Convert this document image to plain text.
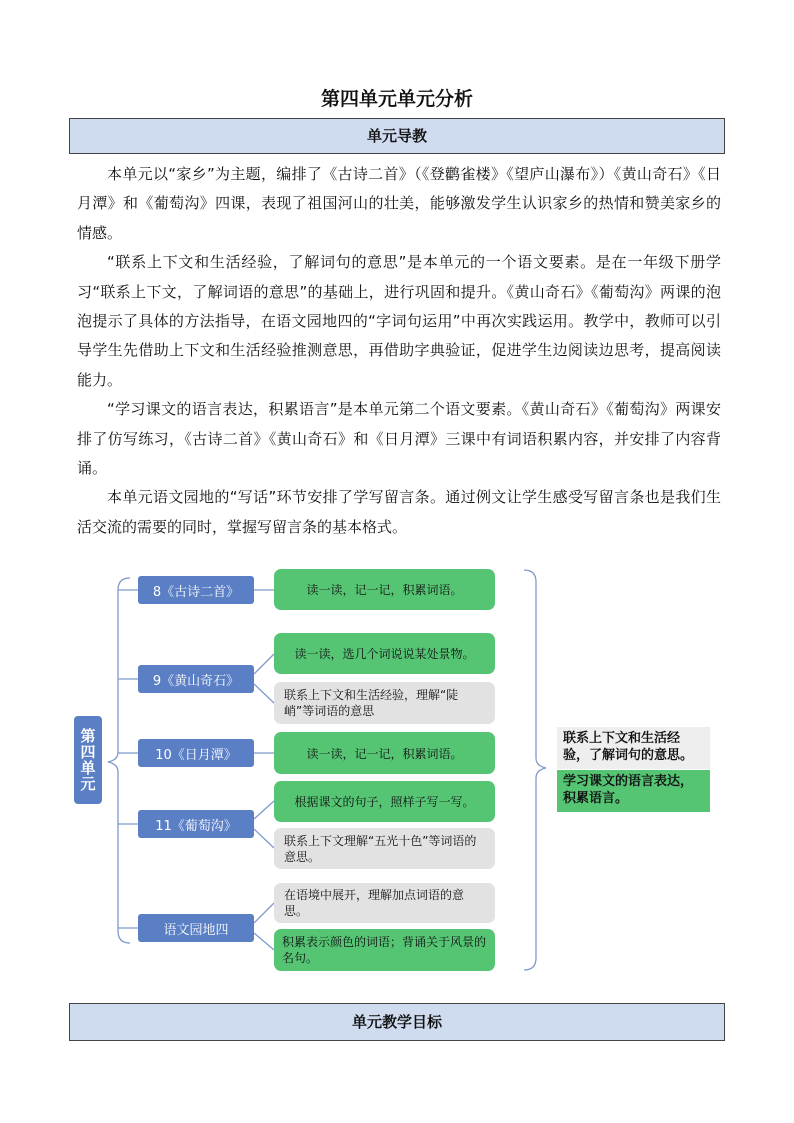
第四单元单元分析
单元导教

本单元以“家乡”为主题，编排了《古诗二首》（《登鹳雀楼》《望庐山瀑布》）《黄山奇石》《日月潭》和《葡萄沟》四课，表现了祖国河山的壮美，能够激发学生认识家乡的热情和赞美家乡的情感。

“联系上下文和生活经验，了解词句的意思”是本单元的一个语文要素。是在一年级下册学习“联系上下文，了解词语的意思”的基础上，进行巩固和提升。《黄山奇石》《葡萄沟》两课的泡泡提示了具体的方法指导，在语文园地四的“字词句运用”中再次实践运用。教学中，教师可以引导学生先借助上下文和生活经验推测意思，再借助字典验证，促进学生边阅读边思考，提高阅读能力。

“学习课文的语言表达，积累语言”是本单元第二个语文要素。《黄山奇石》《葡萄沟》两课安排了仿写练习，《古诗二首》《黄山奇石》和《日月潭》三课中有词语积累内容，并安排了内容背诵。

本单元语文园地的“写话”环节安排了学写留言条。通过例文让学生感受写留言条也是我们生活交流的需要的同时，掌握写留言条的基本格式。

第四单元
8《古诗二首》
9《黄山奇石》
10《日月潭》
11《葡萄沟》
语文园地四
读一读，记一记，积累词语。
读一读，选几个词说说某处景物。
联系上下文和生活经验，理解“陡峭”等词语的意思
读一读，记一记，积累词语。
根据课文的句子，照样子写一写。
联系上下文理解“五光十色”等词语的意思。
在语境中展开，理解加点词语的意思。
积累表示颜色的词语；背诵关于风景的名句。
联系上下文和生活经验，了解词句的意思。
学习课文的语言表达，积累语言。
单元教学目标
